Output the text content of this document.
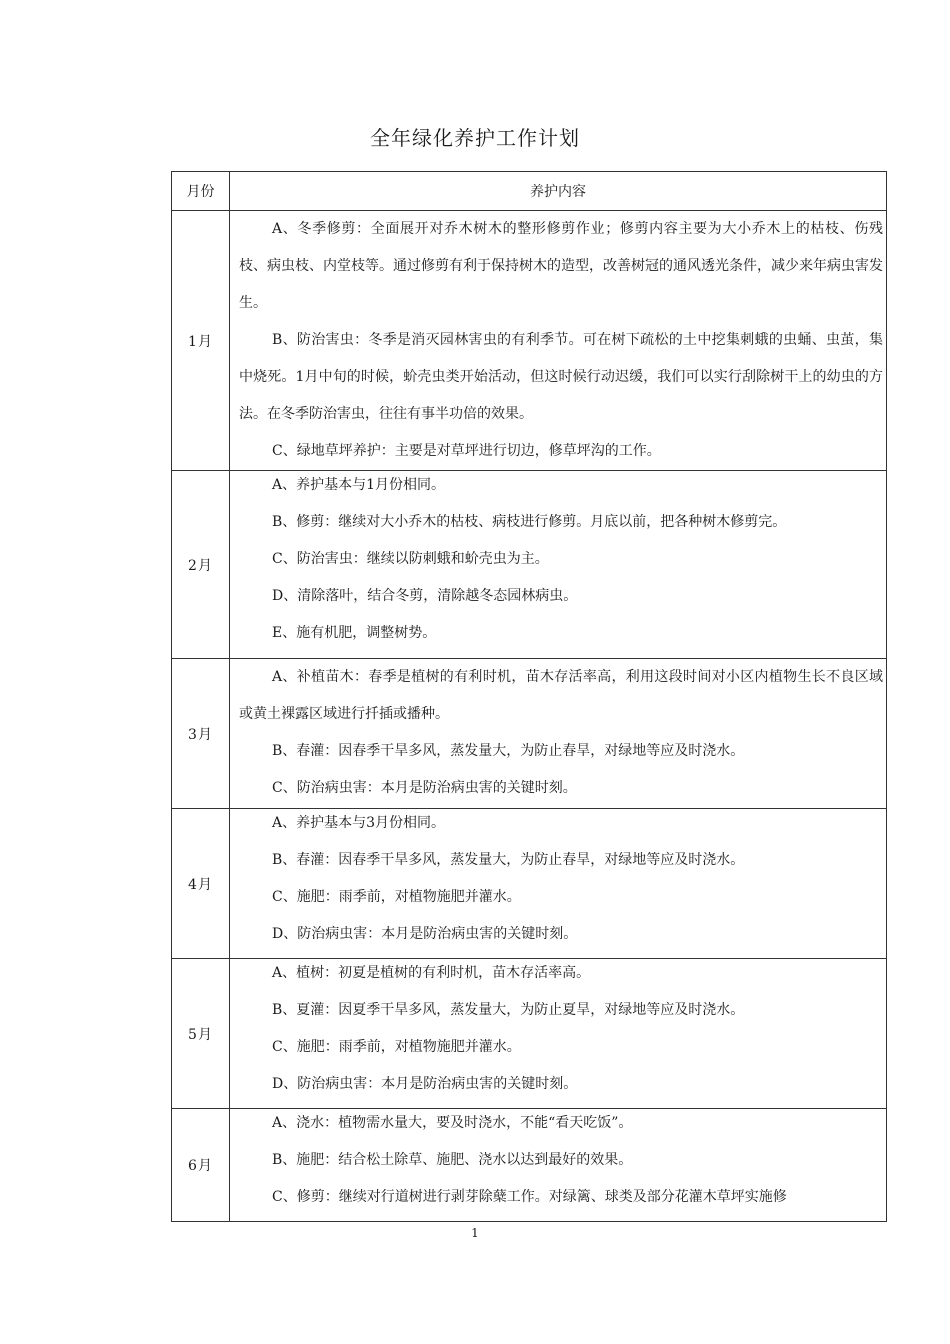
全年绿化养护工作计划
月份	养护内容
1月	A、冬季修剪：全面展开对乔木树木的整形修剪作业；修剪内容主要为大小乔木上的枯枝、伤残枝、病虫枝、内堂枝等。通过修剪有利于保持树木的造型，改善树冠的通风透光条件，减少来年病虫害发生。

B、防治害虫：冬季是消灭园林害虫的有利季节。可在树下疏松的土中挖集刺蛾的虫蛹、虫茧，集中烧死。1月中旬的时候，蚧壳虫类开始活动，但这时候行动迟缓，我们可以实行刮除树干上的幼虫的方法。在冬季防治害虫，往往有事半功倍的效果。

C、绿地草坪养护：主要是对草坪进行切边，修草坪沟的工作。

2月	A、养护基本与1月份相同。

B、修剪：继续对大小乔木的枯枝、病枝进行修剪。月底以前，把各种树木修剪完。

C、防治害虫：继续以防刺蛾和蚧壳虫为主。

D、清除落叶，结合冬剪，清除越冬态园林病虫。

E、施有机肥，调整树势。

3月	A、补植苗木：春季是植树的有利时机，苗木存活率高，利用这段时间对小区内植物生长不良区域或黄土裸露区域进行扦插或播种。

B、春灌：因春季干旱多风，蒸发量大，为防止春旱，对绿地等应及时浇水。

C、防治病虫害：本月是防治病虫害的关键时刻。

4月	A、养护基本与3月份相同。

B、春灌：因春季干旱多风，蒸发量大，为防止春旱，对绿地等应及时浇水。

C、施肥：雨季前，对植物施肥并灌水。

D、防治病虫害：本月是防治病虫害的关键时刻。

5月	A、植树：初夏是植树的有利时机，苗木存活率高。

B、夏灌：因夏季干旱多风，蒸发量大，为防止夏旱，对绿地等应及时浇水。

C、施肥：雨季前，对植物施肥并灌水。

D、防治病虫害：本月是防治病虫害的关键时刻。

6月	A、浇水：植物需水量大，要及时浇水，不能“看天吃饭”。

B、施肥：结合松土除草、施肥、浇水以达到最好的效果。

C、修剪：继续对行道树进行剥芽除蘖工作。对绿篱、球类及部分花灌木草坪实施修

1
